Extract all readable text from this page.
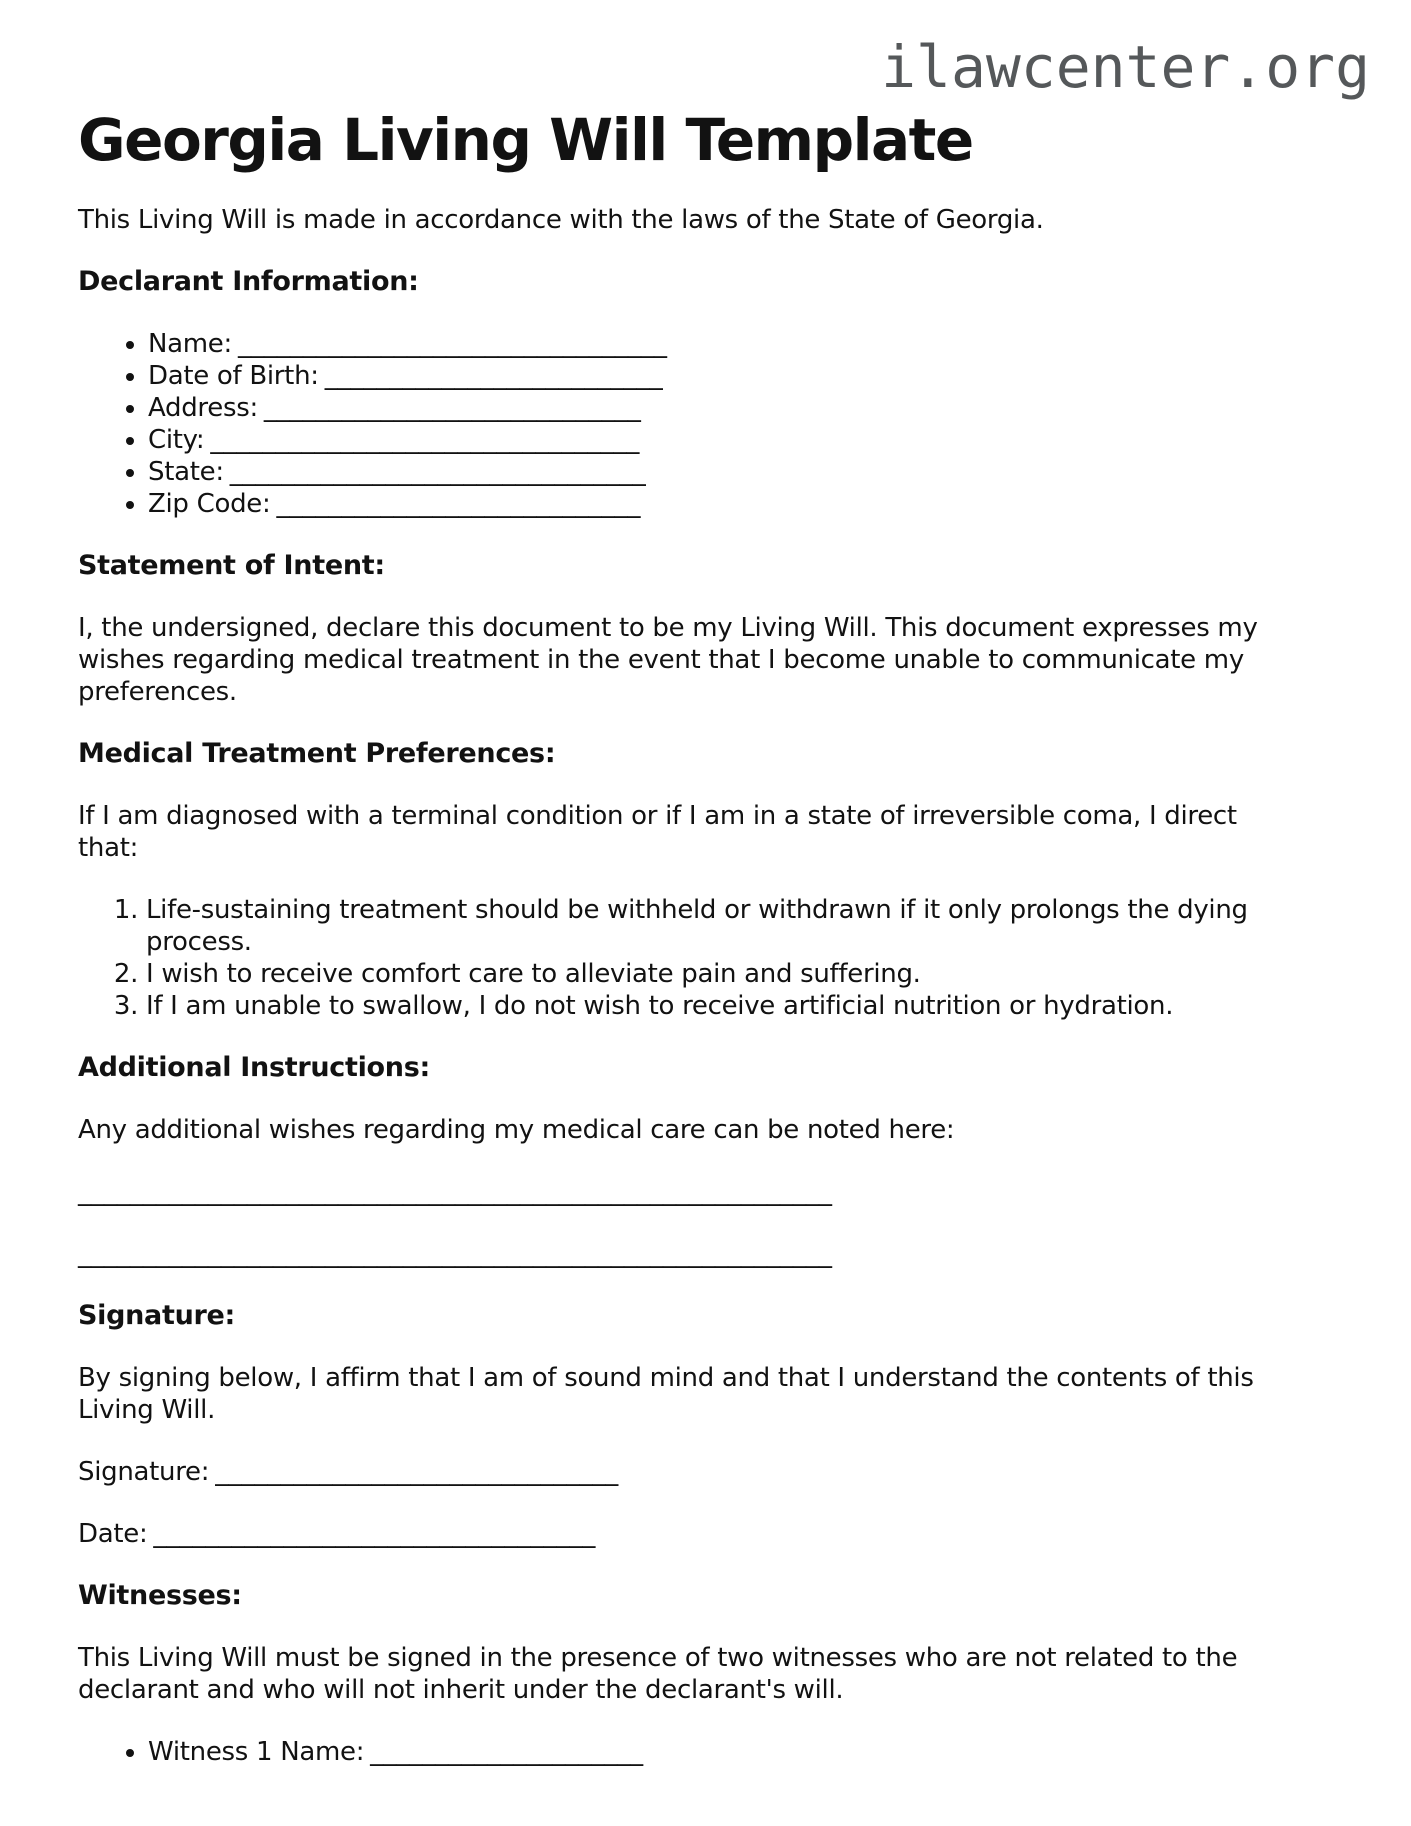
ilawcenter.org
Georgia Living Will Template

This Living Will is made in accordance with the laws of the State of Georgia.

Declarant Information:
• Name: _________________________________
• Date of Birth: __________________________
• Address: _____________________________
• City: _________________________________
• State: ________________________________
• Zip Code: ____________________________
Statement of Intent:

I, the undersigned, declare this document to be my Living Will. This document expresses my wishes regarding medical treatment in the event that I become unable to communicate my preferences.

Medical Treatment Preferences:

If I am diagnosed with a terminal condition or if I am in a state of irreversible coma, I direct that:

1. Life-sustaining treatment should be withheld or withdrawn if it only prolongs the dying process.
2. I wish to receive comfort care to alleviate pain and suffering.
3. If I am unable to swallow, I do not wish to receive artificial nutrition or hydration.
Additional Instructions:

Any additional wishes regarding my medical care can be noted here:

__________________________________________________________

__________________________________________________________

Signature:

By signing below, I affirm that I am of sound mind and that I understand the contents of this Living Will.

Signature: _______________________________

Date: __________________________________

Witnesses:

This Living Will must be signed in the presence of two witnesses who are not related to the declarant and who will not inherit under the declarant's will.

• Witness 1 Name: _____________________
